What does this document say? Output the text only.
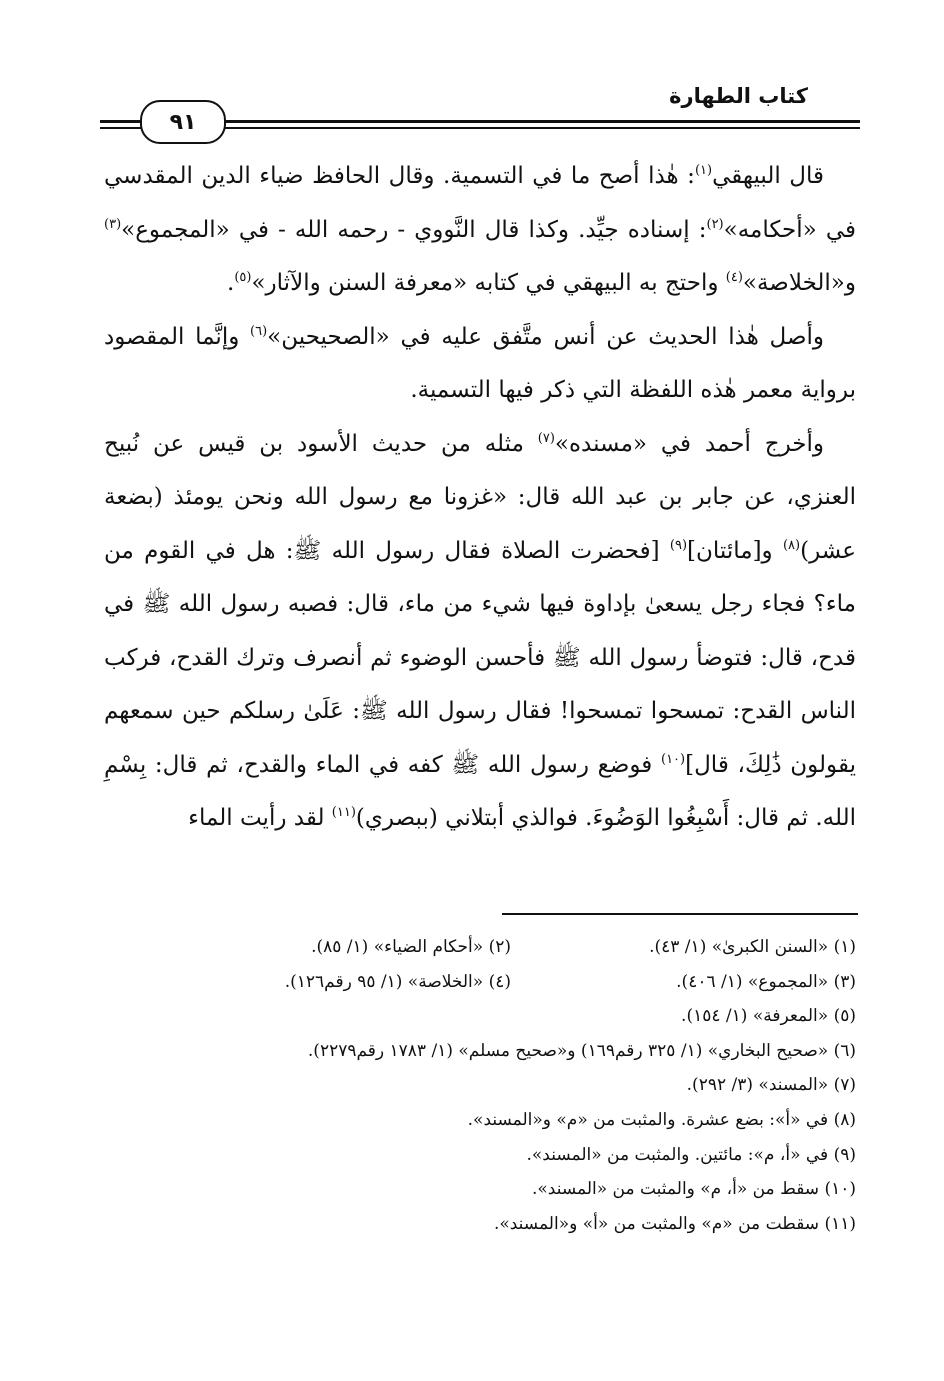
كتاب الطهارة
٩١

قال البيهقي$^{(١)}$: هٰذا أصح ما في التسمية. وقال الحافظ ضياء الدين المقدسي في «أحكامه»$^{(٢)}$: إسناده جيِّد. وكذا قال النَّووي - رحمه الله - في «المجموع»$^{(٣)}$ و«الخلاصة»$^{(٤)}$ واحتج به البيهقي في كتابه «معرفة السنن والآثار»$^{(٥)}$.

وأصل هٰذا الحديث عن أنس متَّفق عليه في «الصحيحين»$^{(٦)}$ وإنَّما المقصود برواية معمر هٰذه اللفظة التي ذكر فيها التسمية.

وأخرج أحمد في «مسنده»$^{(٧)}$ مثله من حديث الأسود بن قيس عن نُبيح العنزي، عن جابر بن عبد الله قال: «غزونا مع رسول الله ونحن يومئذ (بضعة عشر)$^{(٨)}$ و[مائتان]$^{(٩)}$ [فحضرت الصلاة فقال رسول الله ﷺ: هل في القوم من ماء؟ فجاء رجل يسعىٰ بإداوة فيها شيء من ماء، قال: فصبه رسول الله ﷺ في قدح، قال: فتوضأ رسول الله ﷺ فأحسن الوضوء ثم أنصرف وترك القدح، فركب الناس القدح: تمسحوا تمسحوا! فقال رسول الله ﷺ: عَلَىٰ رسلكم حين سمعهم يقولون ذَٰلِكَ، قال]$^{(١٠)}$ فوضع رسول الله ﷺ كفه في الماء والقدح، ثم قال: بِسْمِ الله. ثم قال: أَسْبِغُوا الوَضُوءَ. فوالذي أبتلاني (ببصري)$^{(١١)}$ لقد رأيت الماء

(١) «السنن الكبرىٰ» (١/ ٤٣).
(٢) «أحكام الضياء» (١/ ٨٥).
(٣) «المجموع» (١/ ٤٠٦).
(٤) «الخلاصة» (١/ ٩٥ رقم١٢٦).
(٥) «المعرفة» (١/ ١٥٤).
(٦) «صحيح البخاري» (١/ ٣٢٥ رقم١٦٩) و«صحيح مسلم» (١/ ١٧٨٣ رقم٢٢٧٩).
(٧) «المسند» (٣/ ٢٩٢).
(٨) في «أ»: بضع عشرة. والمثبت من «م» و«المسند».
(٩) في «أ، م»: مائتين. والمثبت من «المسند».
(١٠) سقط من «أ، م» والمثبت من «المسند».
(١١) سقطت من «م» والمثبت من «أ» و«المسند».
